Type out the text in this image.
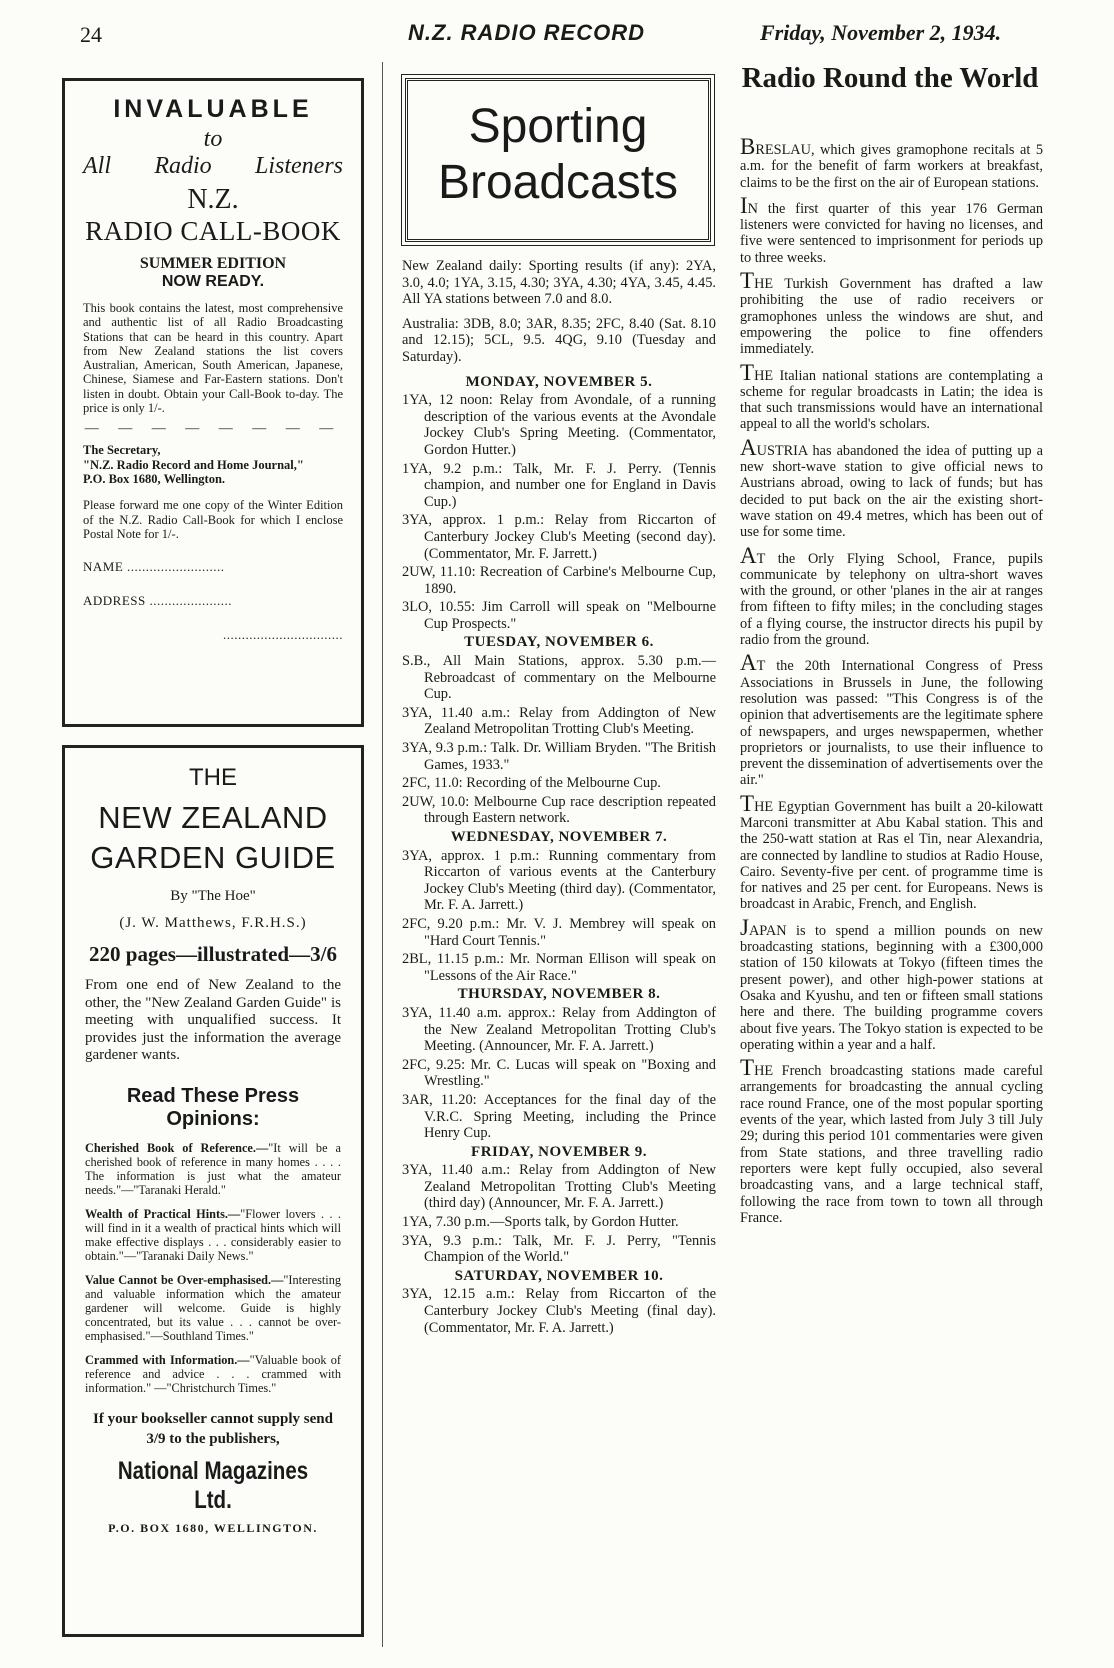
24	N.Z. RADIO RECORD	Friday, November 2, 1934.
INVALUABLE
to
All Radio Listeners
N.Z.
RADIO CALL-BOOK
SUMMER EDITION
NOW READY.
This book contains the latest, most comprehensive and authentic list of all Radio Broadcasting Stations that can be heard in this country. Apart from New Zealand stations the list covers Australian, American, South American, Japanese, Chinese, Siamese and Far-Eastern stations. Don't listen in doubt. Obtain your Call-Book to-day. The price is only 1/-.
— — — — — — — —
The Secretary,
"N.Z. Radio Record and Home Journal,"
P.O. Box 1680, Wellington.
Please forward me one copy of the Winter Edition of the N.Z. Radio Call-Book for which I enclose Postal Note for 1/-.
NAME ..........................
ADDRESS ......................
................................
THE
NEW ZEALAND
GARDEN GUIDE
By "The Hoe"
(J. W. Matthews, F.R.H.S.)
220 pages—illustrated—3/6
From one end of New Zealand to the other, the "New Zealand Garden Guide" is meeting with unqualified success. It provides just the information the average gardener wants.
Read These Press Opinions:
Cherished Book of Reference.—"It will be a cherished book of reference in many homes . . . . The information is just what the amateur needs."—"Taranaki Herald."
Wealth of Practical Hints.—"Flower lovers . . . will find in it a wealth of practical hints which will make effective displays . . . considerably easier to obtain."—"Taranaki Daily News."
Value Cannot be Over-emphasised.—"Interesting and valuable information which the amateur gardener will welcome. Guide is highly concentrated, but its value . . . cannot be over-emphasised."—Southland Times."
Crammed with Information.—"Valuable book of reference and advice . . . crammed with information." —"Christchurch Times."
If your bookseller cannot supply send 3/9 to the publishers,
National Magazines Ltd.
P.O. BOX 1680, WELLINGTON.
Sporting
Broadcasts

New Zealand daily: Sporting results (if any): 2YA, 3.0, 4.0; 1YA, 3.15, 4.30; 3YA, 4.30; 4YA, 3.45, 4.45. All YA stations between 7.0 and 8.0.

Australia: 3DB, 8.0; 3AR, 8.35; 2FC, 8.40 (Sat. 8.10 and 12.15); 5CL, 9.5. 4QG, 9.10 (Tuesday and Saturday).

MONDAY, NOVEMBER 5.
1YA, 12 noon: Relay from Avondale, of a running description of the various events at the Avondale Jockey Club's Spring Meeting. (Commentator, Gordon Hutter.)
1YA, 9.2 p.m.: Talk, Mr. F. J. Perry. (Tennis champion, and number one for England in Davis Cup.)
3YA, approx. 1 p.m.: Relay from Riccarton of Canterbury Jockey Club's Meeting (second day). (Commentator, Mr. F. Jarrett.)
2UW, 11.10: Recreation of Carbine's Melbourne Cup, 1890.
3LO, 10.55: Jim Carroll will speak on "Melbourne Cup Prospects."
TUESDAY, NOVEMBER 6.
S.B., All Main Stations, approx. 5.30 p.m.—Rebroadcast of commentary on the Melbourne Cup.
3YA, 11.40 a.m.: Relay from Addington of New Zealand Metropolitan Trotting Club's Meeting.
3YA, 9.3 p.m.: Talk. Dr. William Bryden. "The British Games, 1933."
2FC, 11.0: Recording of the Melbourne Cup.
2UW, 10.0: Melbourne Cup race description repeated through Eastern network.
WEDNESDAY, NOVEMBER 7.
3YA, approx. 1 p.m.: Running commentary from Riccarton of various events at the Canterbury Jockey Club's Meeting (third day). (Commentator, Mr. F. A. Jarrett.)
2FC, 9.20 p.m.: Mr. V. J. Membrey will speak on "Hard Court Tennis."
2BL, 11.15 p.m.: Mr. Norman Ellison will speak on "Lessons of the Air Race."
THURSDAY, NOVEMBER 8.
3YA, 11.40 a.m. approx.: Relay from Addington of the New Zealand Metropolitan Trotting Club's Meeting. (Announcer, Mr. F. A. Jarrett.)
2FC, 9.25: Mr. C. Lucas will speak on "Boxing and Wrestling."
3AR, 11.20: Acceptances for the final day of the V.R.C. Spring Meeting, including the Prince Henry Cup.
FRIDAY, NOVEMBER 9.
3YA, 11.40 a.m.: Relay from Addington of New Zealand Metropolitan Trotting Club's Meeting (third day) (Announcer, Mr. F. A. Jarrett.)
1YA, 7.30 p.m.—Sports talk, by Gordon Hutter.
3YA, 9.3 p.m.: Talk, Mr. F. J. Perry, "Tennis Champion of the World."
SATURDAY, NOVEMBER 10.
3YA, 12.15 a.m.: Relay from Riccarton of the Canterbury Jockey Club's Meeting (final day). (Commentator, Mr. F. A. Jarrett.)
Radio Round the World

BRESLAU, which gives gramophone recitals at 5 a.m. for the benefit of farm workers at breakfast, claims to be the first on the air of European stations.

IN the first quarter of this year 176 German listeners were convicted for having no licenses, and five were sentenced to imprisonment for periods up to three weeks.

THE Turkish Government has drafted a law prohibiting the use of radio receivers or gramophones unless the windows are shut, and empowering the police to fine offenders immediately.

THE Italian national stations are contemplating a scheme for regular broadcasts in Latin; the idea is that such transmissions would have an international appeal to all the world's scholars.

AUSTRIA has abandoned the idea of putting up a new short-wave station to give official news to Austrians abroad, owing to lack of funds; but has decided to put back on the air the existing short-wave station on 49.4 metres, which has been out of use for some time.

AT the Orly Flying School, France, pupils communicate by telephony on ultra-short waves with the ground, or other 'planes in the air at ranges from fifteen to fifty miles; in the concluding stages of a flying course, the instructor directs his pupil by radio from the ground.

AT the 20th International Congress of Press Associations in Brussels in June, the following resolution was passed: "This Congress is of the opinion that advertisements are the legitimate sphere of newspapers, and urges newspapermen, whether proprietors or journalists, to use their influence to prevent the dissemination of advertisements over the air."

THE Egyptian Government has built a 20-kilowatt Marconi transmitter at Abu Kabal station. This and the 250-watt station at Ras el Tin, near Alexandria, are connected by landline to studios at Radio House, Cairo. Seventy-five per cent. of programme time is for natives and 25 per cent. for Europeans. News is broadcast in Arabic, French, and English.

JAPAN is to spend a million pounds on new broadcasting stations, beginning with a £300,000 station of 150 kilowats at Tokyo (fifteen times the present power), and other high-power stations at Osaka and Kyushu, and ten or fifteen small stations here and there. The building programme covers about five years. The Tokyo station is expected to be operating within a year and a half.

THE French broadcasting stations made careful arrangements for broadcasting the annual cycling race round France, one of the most popular sporting events of the year, which lasted from July 3 till July 29; during this period 101 commentaries were given from State stations, and three travelling radio reporters were kept fully occupied, also several broadcasting vans, and a large technical staff, following the race from town to town all through France.
